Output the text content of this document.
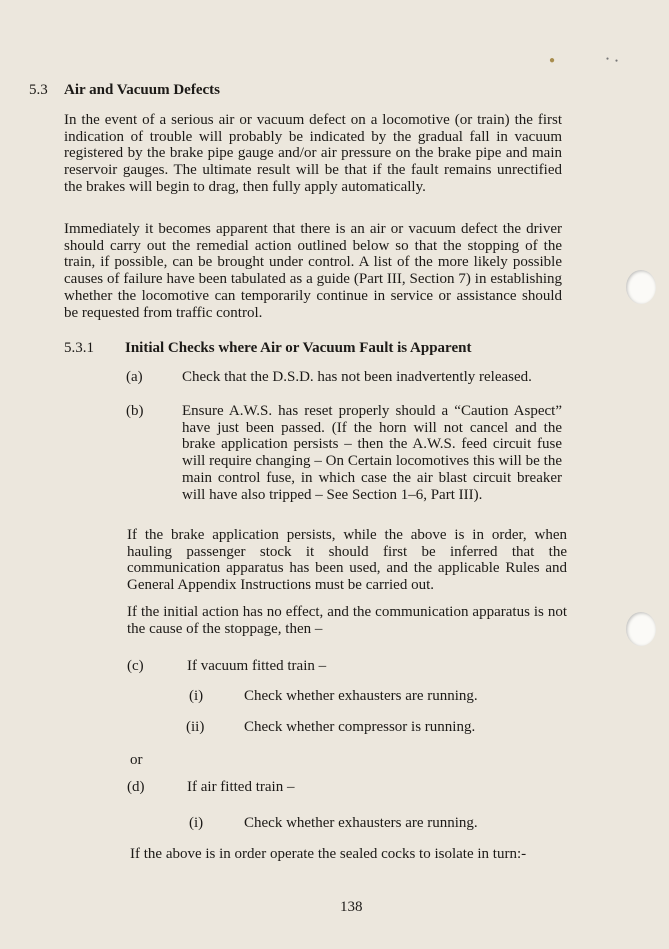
●	● ●
5.3 Air and Vacuum Defects

In the event of a serious air or vacuum defect on a locomotive (or train) the first indication of trouble will probably be indicated by the gradual fall in vacuum registered by the brake pipe gauge and/or air pressure on the brake pipe and main reservoir gauges. The ultimate result will be that if the fault remains unrectified the brakes will begin to drag, then fully apply automatically.

Immediately it becomes apparent that there is an air or vacuum defect the driver should carry out the remedial action outlined below so that the stopping of the train, if possible, can be brought under control. A list of the more likely possible causes of failure have been tabulated as a guide (Part III, Section 7) in establishing whether the locomotive can temporarily continue in service or assistance should be requested from traffic control.

5.3.1 Initial Checks where Air or Vacuum Fault is Apparent
(a)	Check that the D.S.D. has not been inadvertently released.

(b)	Ensure A.W.S. has reset properly should a “Caution Aspect” have just been passed. (If the horn will not cancel and the brake application persists – then the A.W.S. feed circuit fuse will require changing – On Certain locomotives this will be the main control fuse, in which case the air blast circuit breaker will have also tripped – See Section 1–6, Part III).

If the brake application persists, while the above is in order, when hauling passenger stock it should first be inferred that the communication apparatus has been used, and the applicable Rules and General Appendix Instructions must be carried out.

If the initial action has no effect, and the communication apparatus is not the cause of the stoppage, then –

(c)	If vacuum fitted train –
(i)	Check whether exhausters are running.
(ii)	Check whether compressor is running.
or
(d)	If air fitted train –
(i)	Check whether exhausters are running.
If the above is in order operate the sealed cocks to isolate in turn:-
138
